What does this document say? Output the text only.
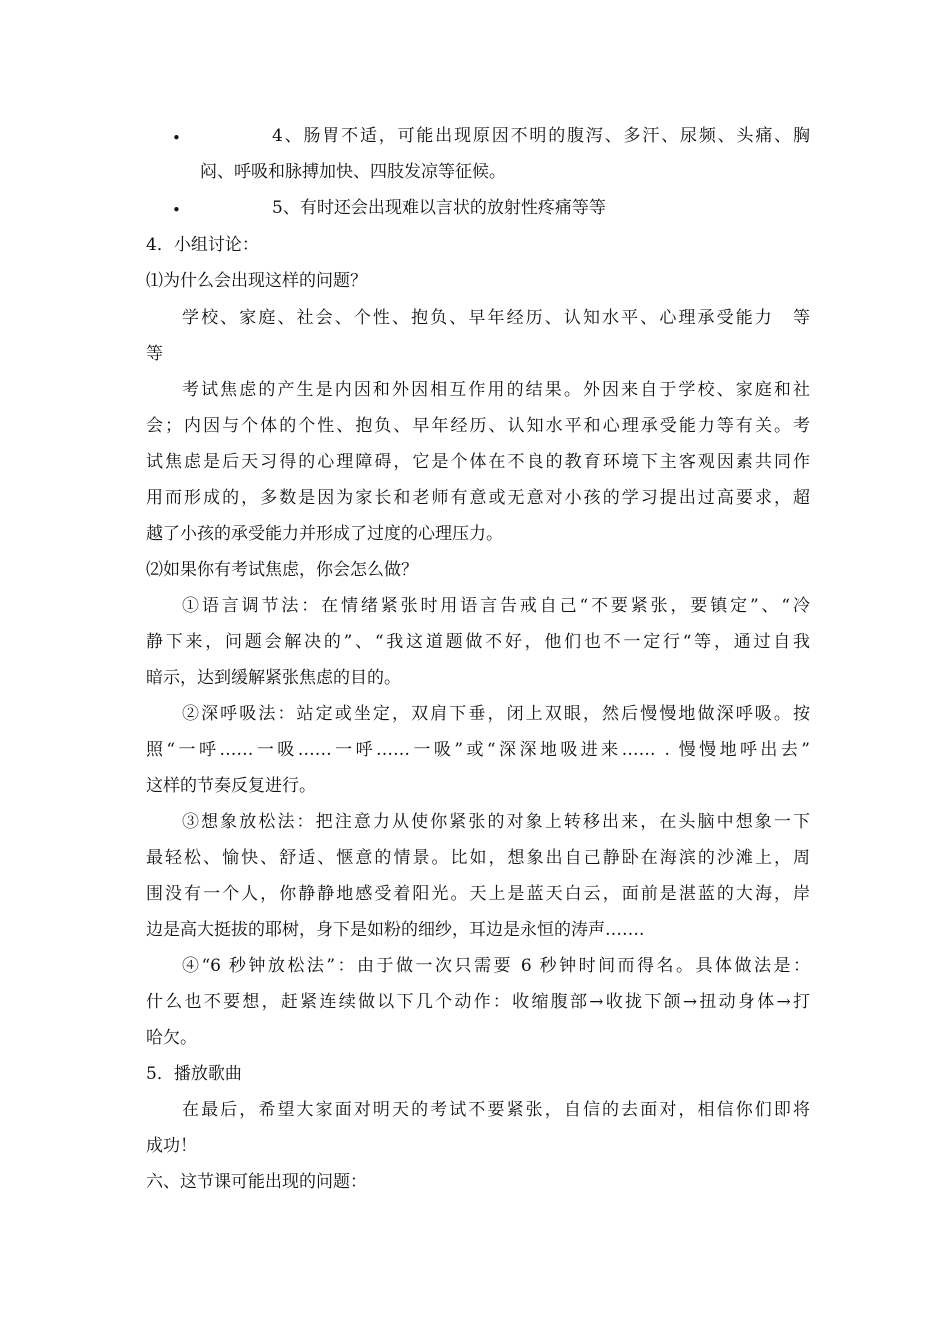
•	4、肠胃不适，可能出现原因不明的腹泻、多汗、尿频、头痛、胸
闷、呼吸和脉搏加快、四肢发凉等征候。
•	5、有时还会出现难以言状的放射性疼痛等等
4．小组讨论：
⑴为什么会出现这样的问题？
学校、家庭、社会、个性、抱负、早年经历、认知水平、心理承受能力　等
等
考试焦虑的产生是内因和外因相互作用的结果。外因来自于学校、家庭和社
会；内因与个体的个性、抱负、早年经历、认知水平和心理承受能力等有关。考
试焦虑是后天习得的心理障碍，它是个体在不良的教育环境下主客观因素共同作
用而形成的，多数是因为家长和老师有意或无意对小孩的学习提出过高要求，超
越了小孩的承受能力并形成了过度的心理压力。
⑵如果你有考试焦虑，你会怎么做？
①语言调节法：在情绪紧张时用语言告戒自己“不要紧张，要镇定”、“冷
静下来，问题会解决的”、“我这道题做不好，他们也不一定行“等，通过自我
暗示，达到缓解紧张焦虑的目的。
②深呼吸法：站定或坐定，双肩下垂，闭上双眼，然后慢慢地做深呼吸。按
照“一呼……一吸……一呼……一吸”或“深深地吸进来…… . 慢慢地呼出去”
这样的节奏反复进行。
③想象放松法：把注意力从使你紧张的对象上转移出来，在头脑中想象一下
最轻松、愉快、舒适、惬意的情景。比如，想象出自己静卧在海滨的沙滩上，周
围没有一个人，你静静地感受着阳光。天上是蓝天白云，面前是湛蓝的大海，岸
边是高大挺拔的耶树，身下是如粉的细纱，耳边是永恒的涛声…….
④“6 秒钟放松法”：由于做一次只需要 6 秒钟时间而得名。具体做法是：
什么也不要想，赶紧连续做以下几个动作：收缩腹部→收拢下颌→扭动身体→打
哈欠。
5．播放歌曲
在最后，希望大家面对明天的考试不要紧张，自信的去面对，相信你们即将
成功！
六、这节课可能出现的问题：
